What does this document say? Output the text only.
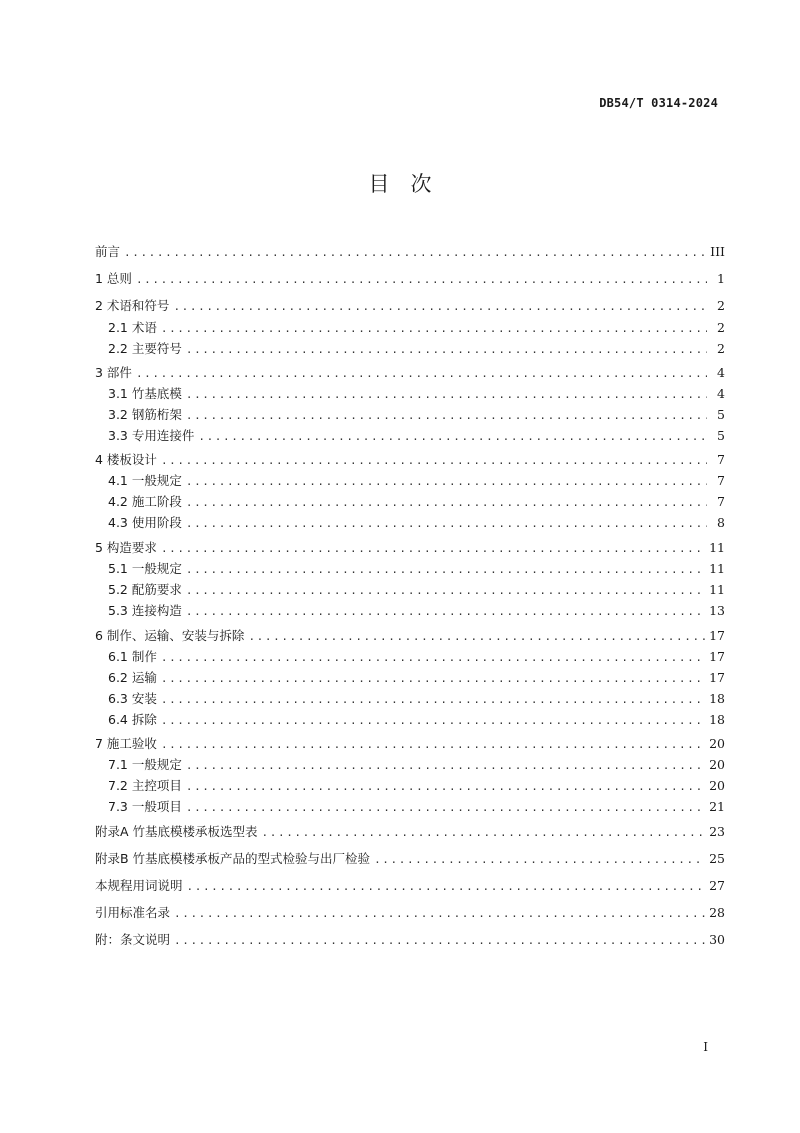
DB54/T 0314-2024
目　次
前言 .....	III
1 总则 .....	1
2 术语和符号 .....	2
2.1 术语 .....	2
2.2 主要符号 .....	2
3 部件 .....	4
3.1 竹基底模 .....	4
3.2 钢筋桁架 .....	5
3.3 专用连接件 .....	5
4 楼板设计 .....	7
4.1 一般规定 .....	7
4.2 施工阶段 .....	7
4.3 使用阶段 .....	8
5 构造要求 .....	11
5.1 一般规定 .....	11
5.2 配筋要求 .....	11
5.3 连接构造 .....	13
6 制作、运输、安装与拆除 .....	17
6.1 制作 .....	17
6.2 运输 .....	17
6.3 安装 .....	18
6.4 拆除 .....	18
7 施工验收 .....	20
7.1 一般规定 .....	20
7.2 主控项目 .....	20
7.3 一般项目 .....	21
附录A 竹基底模楼承板选型表 .....	23
附录B 竹基底模楼承板产品的型式检验与出厂检验 .....	25
本规程用词说明 .....	27
引用标准名录 .....	28
附：条文说明 .....	30
I
